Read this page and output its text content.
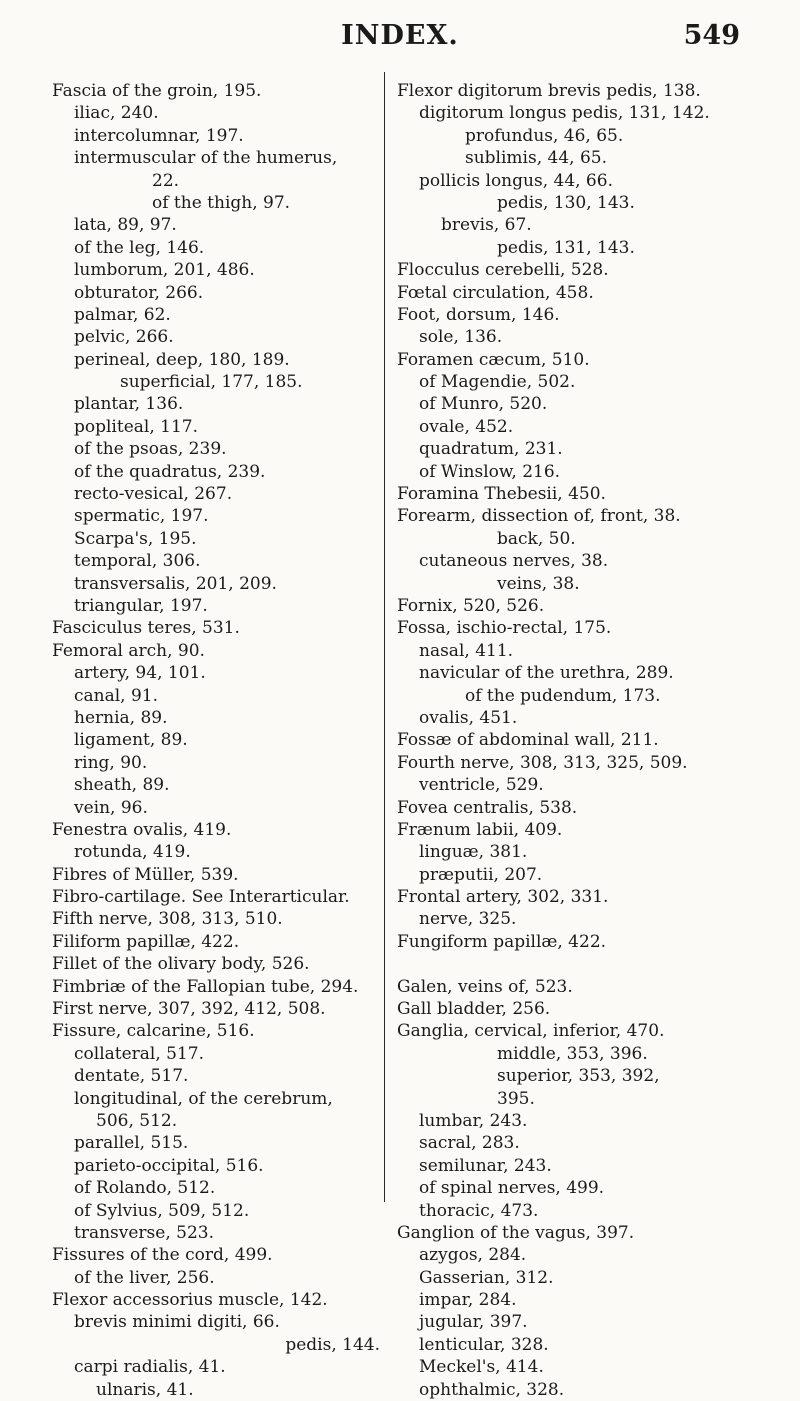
INDEX.	549
Fascia of the groin, 195.
iliac, 240.
intercolumnar, 197.
intermuscular of the humerus,
22.
of the thigh, 97.
lata, 89, 97.
of the leg, 146.
lumborum, 201, 486.
obturator, 266.
palmar, 62.
pelvic, 266.
perineal, deep, 180, 189.
superficial, 177, 185.
plantar, 136.
popliteal, 117.
of the psoas, 239.
of the quadratus, 239.
recto-vesical, 267.
spermatic, 197.
Scarpa's, 195.
temporal, 306.
transversalis, 201, 209.
triangular, 197.
Fasciculus teres, 531.
Femoral arch, 90.
artery, 94, 101.
canal, 91.
hernia, 89.
ligament, 89.
ring, 90.
sheath, 89.
vein, 96.
Fenestra ovalis, 419.
rotunda, 419.
Fibres of Müller, 539.
Fibro-cartilage. See Interarticular.
Fifth nerve, 308, 313, 510.
Filiform papillæ, 422.
Fillet of the olivary body, 526.
Fimbriæ of the Fallopian tube, 294.
First nerve, 307, 392, 412, 508.
Fissure, calcarine, 516.
collateral, 517.
dentate, 517.
longitudinal, of the cerebrum,
506, 512.
parallel, 515.
parieto-occipital, 516.
of Rolando, 512.
of Sylvius, 509, 512.
transverse, 523.
Fissures of the cord, 499.
of the liver, 256.
Flexor accessorius muscle, 142.
brevis minimi digiti, 66.
pedis, 144.
carpi radialis, 41.
ulnaris, 41.
Flexor digitorum brevis pedis, 138.
digitorum longus pedis, 131, 142.
profundus, 46, 65.
sublimis, 44, 65.
pollicis longus, 44, 66.
pedis, 130, 143.
brevis, 67.
pedis, 131, 143.
Flocculus cerebelli, 528.
Fœtal circulation, 458.
Foot, dorsum, 146.
sole, 136.
Foramen cæcum, 510.
of Magendie, 502.
of Munro, 520.
ovale, 452.
quadratum, 231.
of Winslow, 216.
Foramina Thebesii, 450.
Forearm, dissection of, front, 38.
back, 50.
cutaneous nerves, 38.
veins, 38.
Fornix, 520, 526.
Fossa, ischio-rectal, 175.
nasal, 411.
navicular of the urethra, 289.
of the pudendum, 173.
ovalis, 451.
Fossæ of abdominal wall, 211.
Fourth nerve, 308, 313, 325, 509.
ventricle, 529.
Fovea centralis, 538.
Frænum labii, 409.
linguæ, 381.
præputii, 207.
Frontal artery, 302, 331.
nerve, 325.
Fungiform papillæ, 422.
Galen, veins of, 523.
Gall bladder, 256.
Ganglia, cervical, inferior, 470.
middle, 353, 396.
superior, 353, 392,
395.
lumbar, 243.
sacral, 283.
semilunar, 243.
of spinal nerves, 499.
thoracic, 473.
Ganglion of the vagus, 397.
azygos, 284.
Gasserian, 312.
impar, 284.
jugular, 397.
lenticular, 328.
Meckel's, 414.
ophthalmic, 328.
